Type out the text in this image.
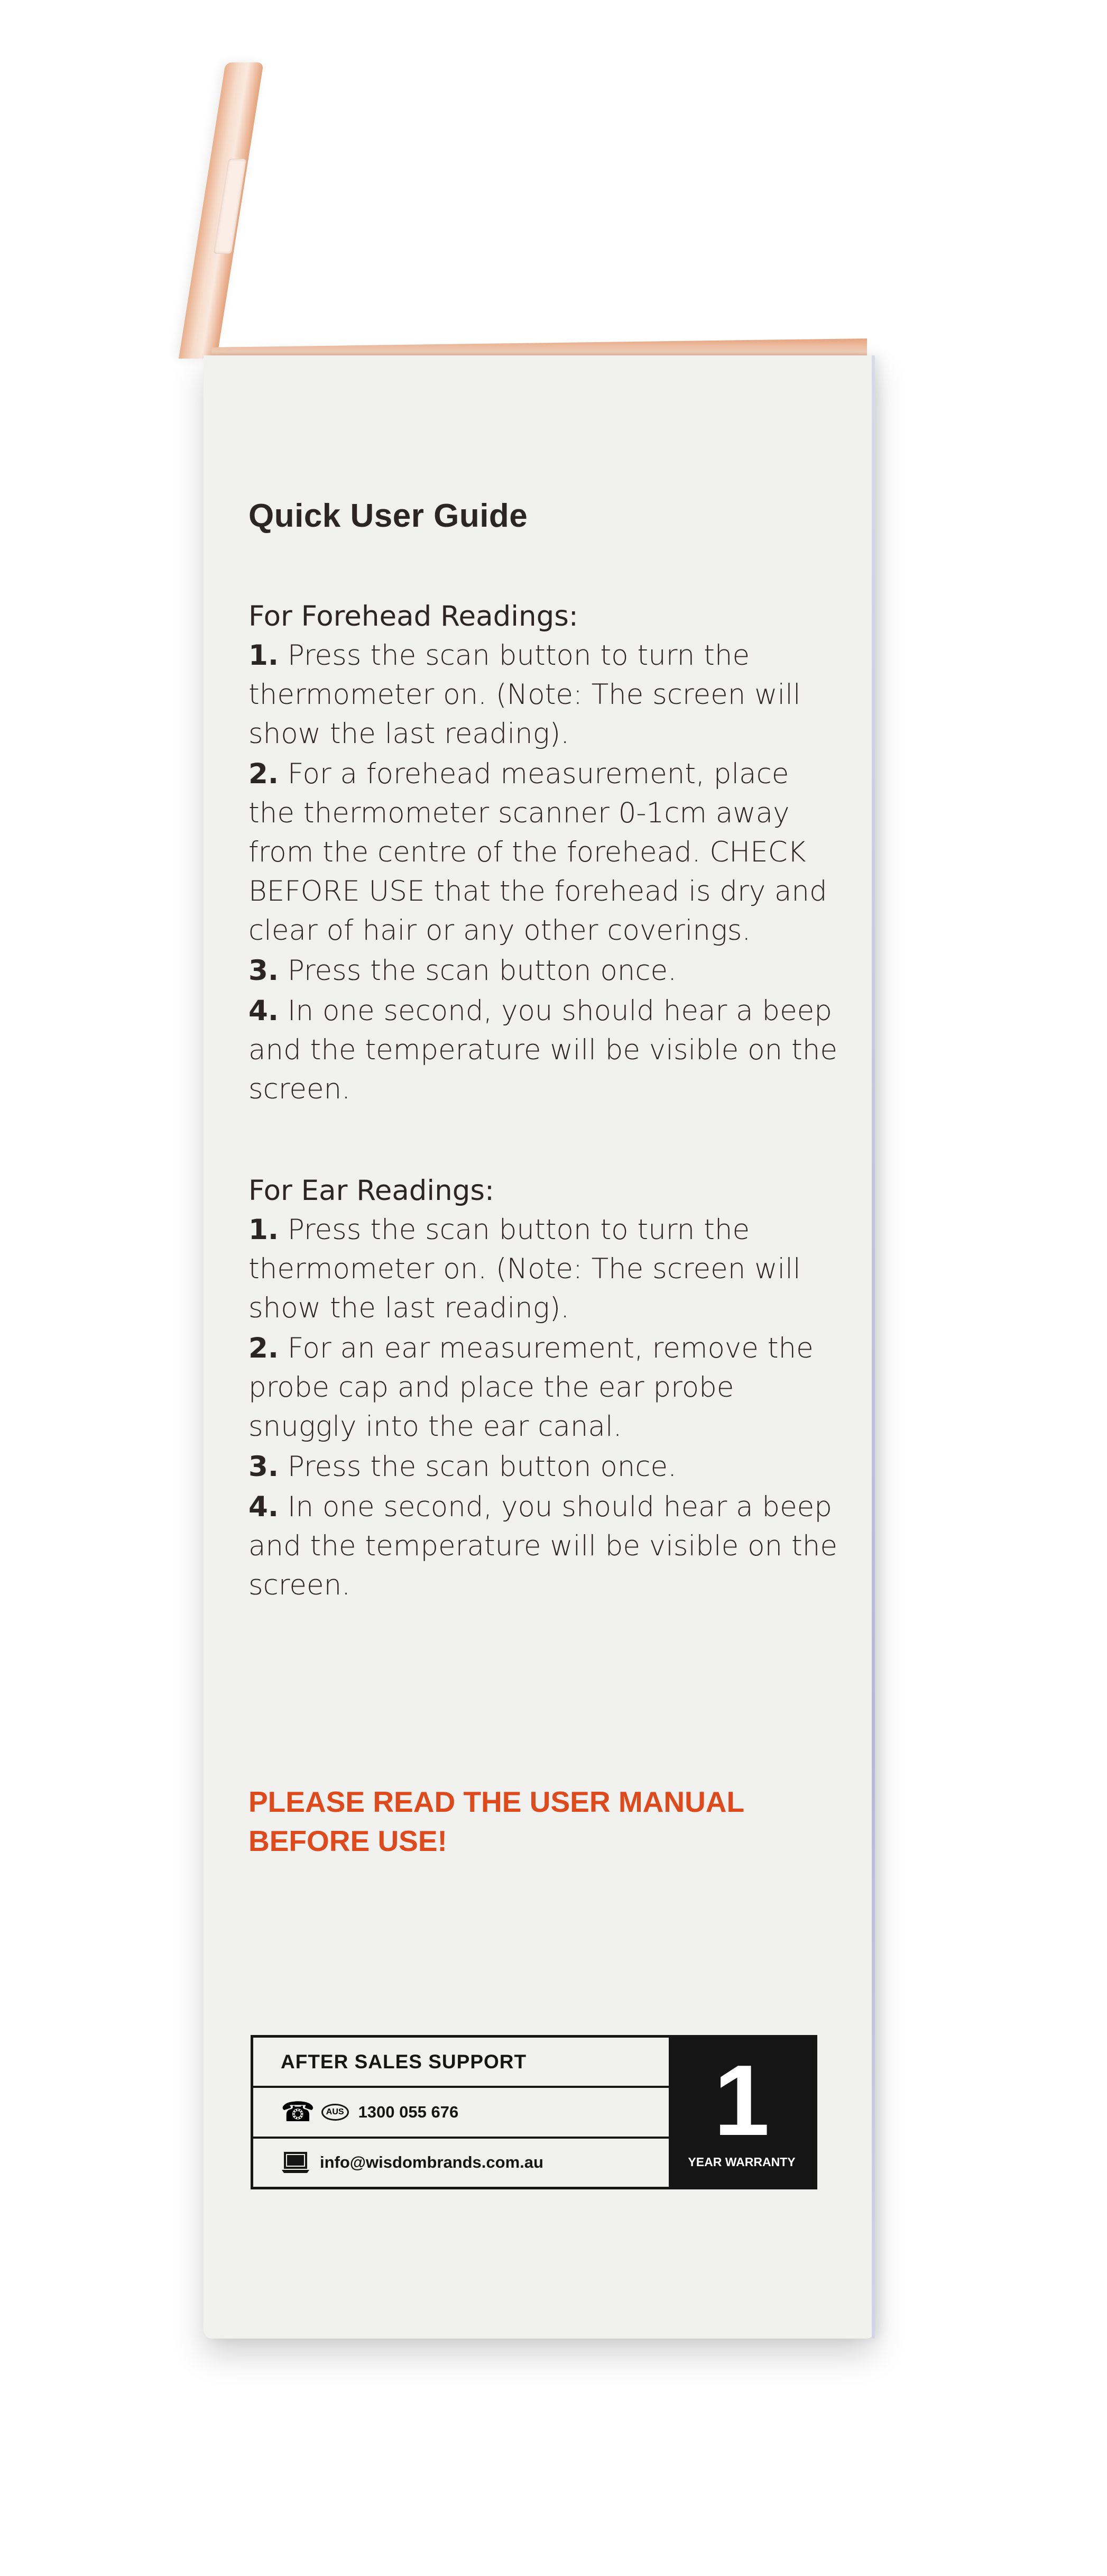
Quick User Guide

For Forehead Readings:

1. Press the scan button to turn the thermometer on. (Note: The screen will show the last reading).

2. For a forehead measurement, place the thermometer scanner 0-1cm away from the centre of the forehead. CHECK BEFORE USE that the forehead is dry and clear of hair or any other coverings.

3. Press the scan button once.

4. In one second, you should hear a beep and the temperature will be visible on the screen.

For Ear Readings:

1. Press the scan button to turn the thermometer on. (Note: The screen will show the last reading).

2. For an ear measurement, remove the probe cap and place the ear probe snuggly into the ear canal.

3. Press the scan button once.

4. In one second, you should hear a beep and the temperature will be visible on the screen.

PLEASE READ THE USER MANUAL
BEFORE USE!
AFTER SALES SUPPORT
☎	AUS 1300 055 676
info@wisdombrands.com.au
1
YEAR WARRANTY
